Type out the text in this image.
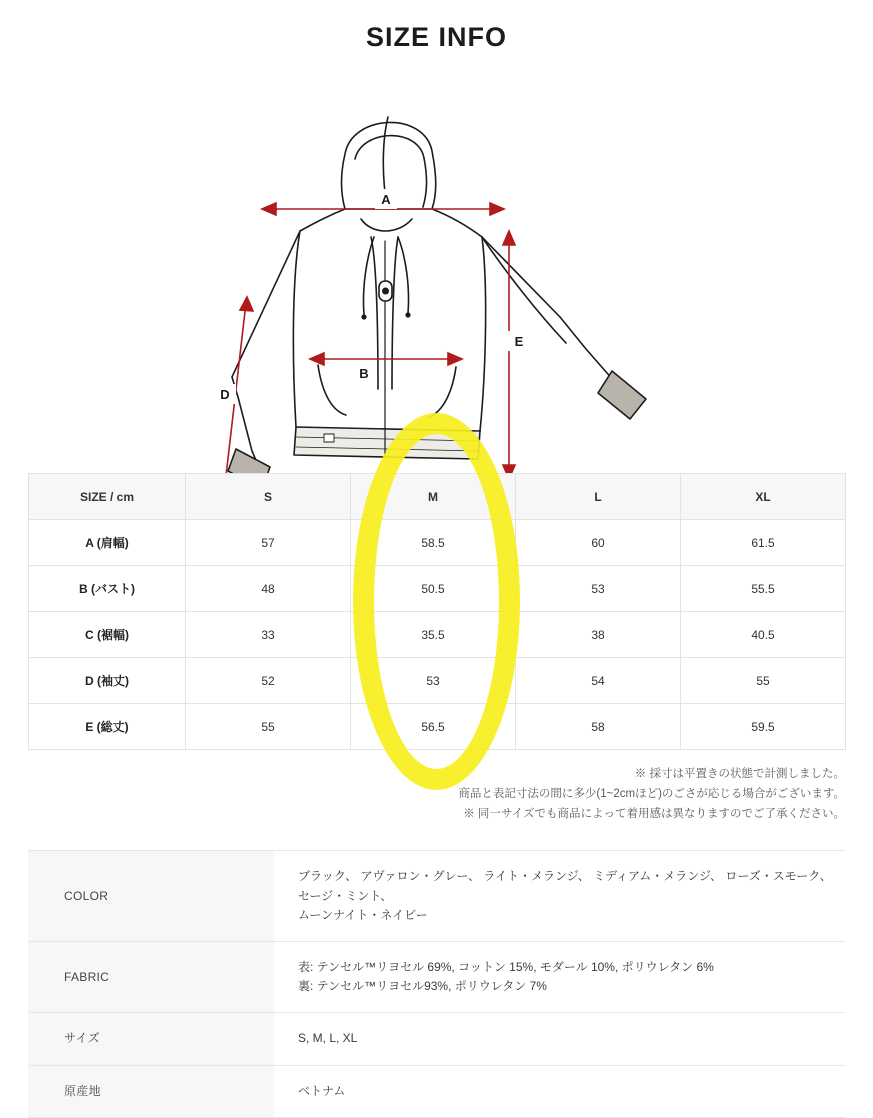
SIZE INFO
A
B
D
E
SIZE / cm	S	M	L	XL
A (肩幅)	57	58.5	60	61.5
B (バスト)	48	50.5	53	55.5
C (裾幅)	33	35.5	38	40.5
D (袖丈)	52	53	54	55
E (総丈)	55	56.5	58	59.5
※ 採寸は平置きの状態で計測しました。
商品と表記寸法の間に多少(1~2cmほど)のごさが応じる場合がございます。
※ 同一サイズでも商品によって着用感は異なりますのでご了承ください。
COLOR	ブラック、 アヴァロン・グレー、 ライト・メランジ、 ミディアム・メランジ、 ローズ・スモーク、 セージ・ミント、
ムーンナイト・ネイビー

FABRIC	表: テンセル™リヨセル 69%, コットン 15%, モダール 10%, ポリウレタン 6%
裏: テンセル™リヨセル93%, ポリウレタン 7%

サイズ	S, M, L, XL

原産地	ベトナム
